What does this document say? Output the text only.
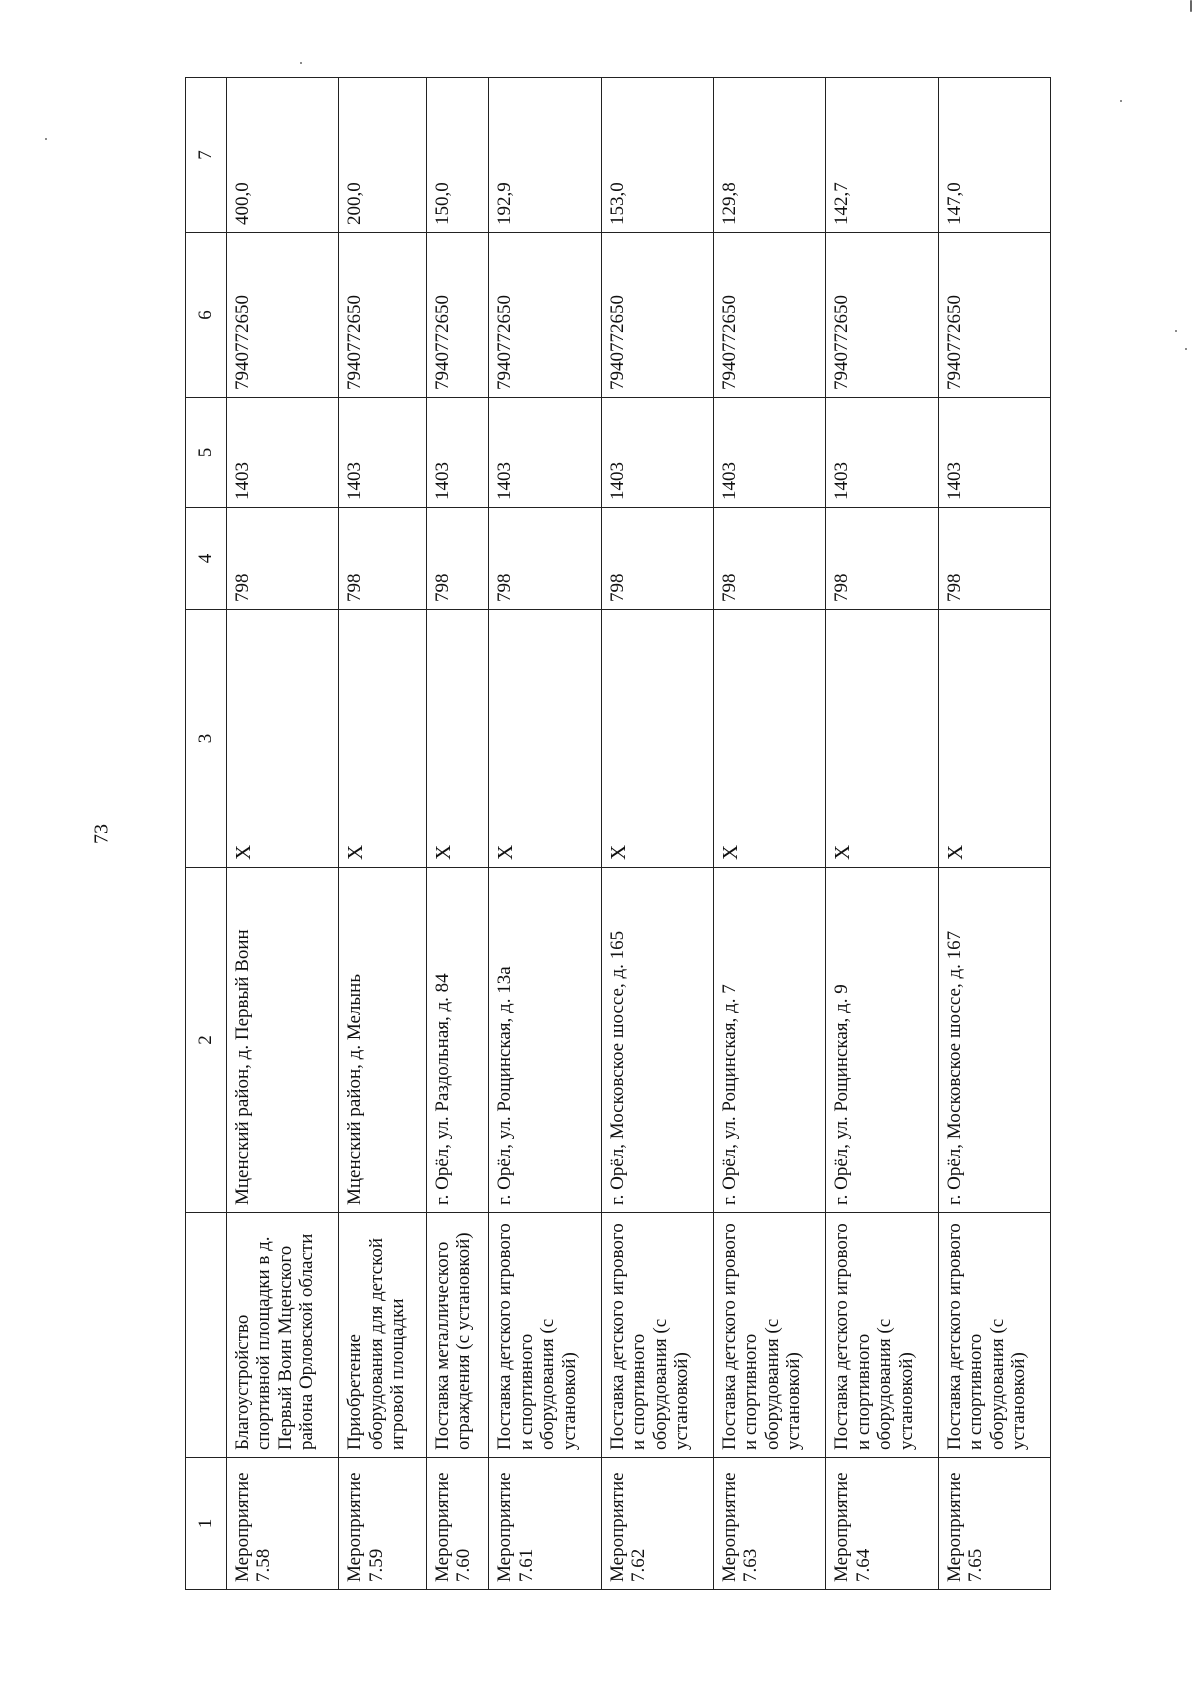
73
1		2	3	4	5	6	7
Мероприятие 7.58	Благоустройство спортивной площадки в д. Первый Воин Мценского района Орловской области	Мценский район, д. Первый Воин	Х	798	1403	7940772650	400,0
Мероприятие 7.59	Приобретение оборудования для детской игровой площадки	Мценский район, д. Мелынь	Х	798	1403	7940772650	200,0
Мероприятие 7.60	Поставка металлического ограждения (с установкой)	г. Орёл, ул. Раздольная, д. 84	Х	798	1403	7940772650	150,0
Мероприятие 7.61	Поставка детского игрового и спортивного оборудования (с установкой)	г. Орёл, ул. Рощинская, д. 13а	Х	798	1403	7940772650	192,9
Мероприятие 7.62	Поставка детского игрового и спортивного оборудования (с установкой)	г. Орёл, Московское шоссе, д. 165	Х	798	1403	7940772650	153,0
Мероприятие 7.63	Поставка детского игрового и спортивного оборудования (с установкой)	г. Орёл, ул. Рощинская, д. 7	Х	798	1403	7940772650	129,8
Мероприятие 7.64	Поставка детского игрового и спортивного оборудования (с установкой)	г. Орёл, ул. Рощинская, д. 9	Х	798	1403	7940772650	142,7
Мероприятие 7.65	Поставка детского игрового и спортивного оборудования (с установкой)	г. Орёл, Московское шоссе, д. 167	Х	798	1403	7940772650	147,0
